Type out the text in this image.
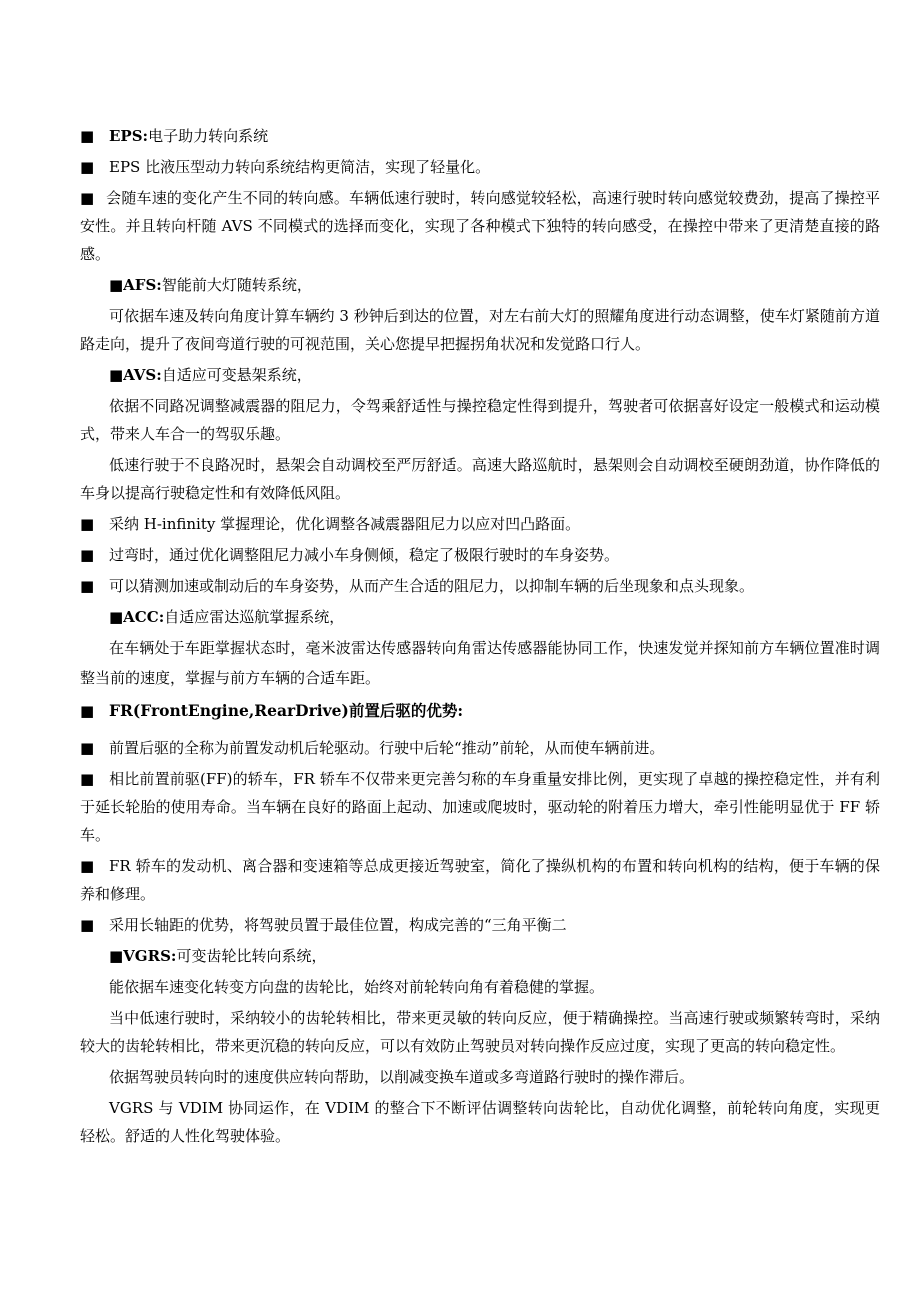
■ EPS:电子助力转向系统

■ EPS 比液压型动力转向系统结构更简洁，实现了轻量化。

■ 会随车速的变化产生不同的转向感。车辆低速行驶时，转向感觉较轻松，高速行驶时转向感觉较费劲，提高了操控平安性。并且转向杆随 AVS 不同模式的选择而变化，实现了各种模式下独特的转向感受，在操控中带来了更清楚直接的路感。

■AFS:智能前大灯随转系统，

可依据车速及转向角度计算车辆约 3 秒钟后到达的位置，对左右前大灯的照耀角度进行动态调整，使车灯紧随前方道路走向，提升了夜间弯道行驶的可视范围，关心您提早把握拐角状况和发觉路口行人。

■AVS:自适应可变悬架系统，

依据不同路况调整减震器的阻尼力，令驾乘舒适性与操控稳定性得到提升，驾驶者可依据喜好设定一般模式和运动模式，带来人车合一的驾驭乐趣。

低速行驶于不良路况时，悬架会自动调校至严厉舒适。高速大路巡航时，悬架则会自动调校至硬朗劲道，协作降低的车身以提高行驶稳定性和有效降低风阻。

■ 采纳 H-infinity 掌握理论，优化调整各减震器阻尼力以应对凹凸路面。

■ 过弯时，通过优化调整阻尼力减小车身侧倾，稳定了极限行驶时的车身姿势。

■ 可以猜测加速或制动后的车身姿势，从而产生合适的阻尼力，以抑制车辆的后坐现象和点头现象。

■ACC:自适应雷达巡航掌握系统，

在车辆处于车距掌握状态时，毫米波雷达传感器转向角雷达传感器能协同工作，快速发觉并探知前方车辆位置准时调整当前的速度，掌握与前方车辆的合适车距。

■ FR(FrontEngine,RearDrive)前置后驱的优势:

■ 前置后驱的全称为前置发动机后轮驱动。行驶中后轮“推动”前轮，从而使车辆前进。

■ 相比前置前驱(FF)的轿车，FR 轿车不仅带来更完善匀称的车身重量安排比例，更实现了卓越的操控稳定性，并有利于延长轮胎的使用寿命。当车辆在良好的路面上起动、加速或爬坡时，驱动轮的附着压力增大，牵引性能明显优于 FF 轿车。

■ FR 轿车的发动机、离合器和变速箱等总成更接近驾驶室，简化了操纵机构的布置和转向机构的结构，便于车辆的保养和修理。

■ 采用长轴距的优势，将驾驶员置于最佳位置，构成完善的“三角平衡二

■VGRS:可变齿轮比转向系统，

能依据车速变化转变方向盘的齿轮比，始终对前轮转向角有着稳健的掌握。

当中低速行驶时，采纳较小的齿轮转相比，带来更灵敏的转向反应，便于精确操控。当高速行驶或频繁转弯时，采纳较大的齿轮转相比，带来更沉稳的转向反应，可以有效防止驾驶员对转向操作反应过度，实现了更高的转向稳定性。

依据驾驶员转向时的速度供应转向帮助，以削减变换车道或多弯道路行驶时的操作滞后。

VGRS 与 VDIM 协同运作，在 VDIM 的整合下不断评估调整转向齿轮比，自动优化调整，前轮转向角度，实现更轻松。舒适的人性化驾驶体验。
